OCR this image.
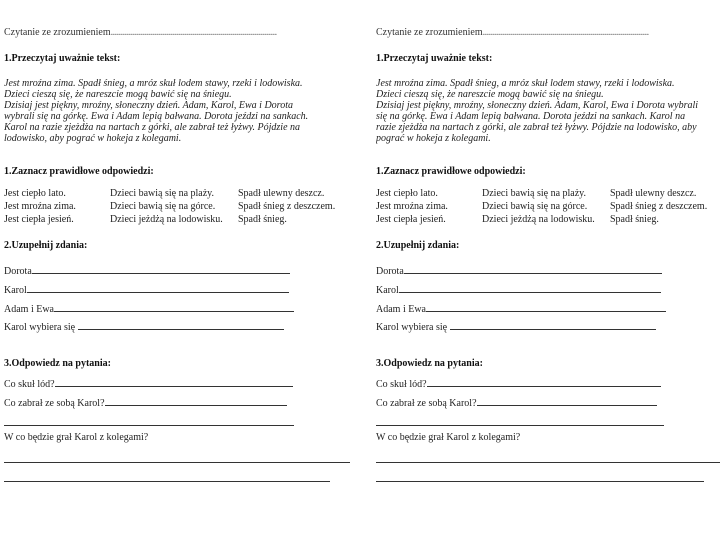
Czytanie ze zrozumieniem...................................................................................
1.Przeczytaj uważnie tekst:
Jest mroźna zima. Spadł śnieg, a mróz skuł lodem stawy, rzeki i lodowiska.
Dzieci cieszą się, że nareszcie mogą bawić się na śniegu.
Dzisiaj jest piękny, mroźny, słoneczny dzień. Adam, Karol, Ewa i Dorota
wybrali się na górkę. Ewa i Adam lepią bałwana. Dorota jeździ na sankach.
Karol na razie zjeżdża na nartach z górki, ale zabrał też łyżwy. Pójdzie na
lodowisko, aby pograć w hokeja z kolegami.
1.Zaznacz prawidłowe odpowiedzi:
Jest ciepło lato.	Dzieci bawią się na plaży. Spadł ulewny deszcz.
Jest mroźna zima.	Dzieci bawią się na górce. Spadł śnieg z deszczem.
Jest ciepła jesień.	Dzieci jeżdżą na lodowisku. Spadł śnieg.
2.Uzupełnij zdania:
Dorota
Karol
Adam i Ewa
Karol wybiera się
3.Odpowiedz na pytania:
Co skuł lód?
Co zabrał ze sobą Karol?
W co będzie grał Karol z kolegami?
Czytanie ze zrozumieniem...................................................................................
1.Przeczytaj uważnie tekst:
Jest mroźna zima. Spadł śnieg, a mróz skuł lodem stawy, rzeki i lodowiska.
Dzieci cieszą się, że nareszcie mogą bawić się na śniegu.
Dzisiaj jest piękny, mroźny, słoneczny dzień. Adam, Karol, Ewa i Dorota wybrali
się na górkę. Ewa i Adam lepią bałwana. Dorota jeździ na sankach. Karol na
razie zjeżdża na nartach z górki, ale zabrał też łyżwy. Pójdzie na lodowisko, aby
pograć w hokeja z kolegami.
1.Zaznacz prawidłowe odpowiedzi:
Jest ciepło lato.	Dzieci bawią się na plaży. Spadł ulewny deszcz.
Jest mroźna zima.	Dzieci bawią się na górce. Spadł śnieg z deszczem.
Jest ciepła jesień.	Dzieci jeżdżą na lodowisku. Spadł śnieg.
2.Uzupełnij zdania:
Dorota
Karol
Adam i Ewa
Karol wybiera się
3.Odpowiedz na pytania:
Co skuł lód?
Co zabrał ze sobą Karol?
W co będzie grał Karol z kolegami?
